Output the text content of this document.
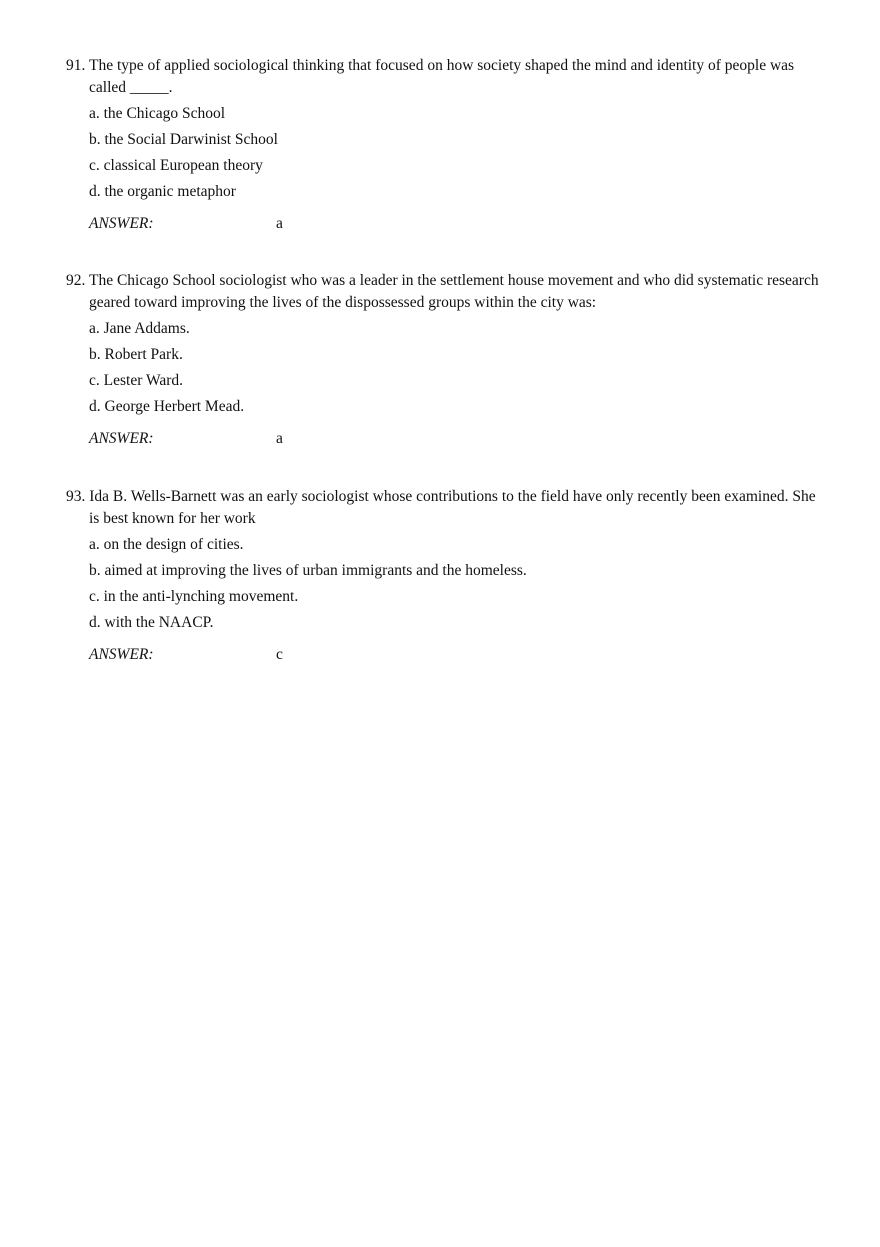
91. The type of applied sociological thinking that focused on how society shaped the mind and identity of people was called _____.

a. the Chicago School
b. the Social Darwinist School
c. classical European theory
d. the organic metaphor
ANSWER:	a

92. The Chicago School sociologist who was a leader in the settlement house movement and who did systematic research geared toward improving the lives of the dispossessed groups within the city was:

a. Jane Addams.
b. Robert Park.
c. Lester Ward.
d. George Herbert Mead.
ANSWER:	a

93. Ida B. Wells-Barnett was an early sociologist whose contributions to the field have only recently been examined. She is best known for her work

a. on the design of cities.
b. aimed at improving the lives of urban immigrants and the homeless.
c. in the anti-lynching movement.
d. with the NAACP.
ANSWER:	c
